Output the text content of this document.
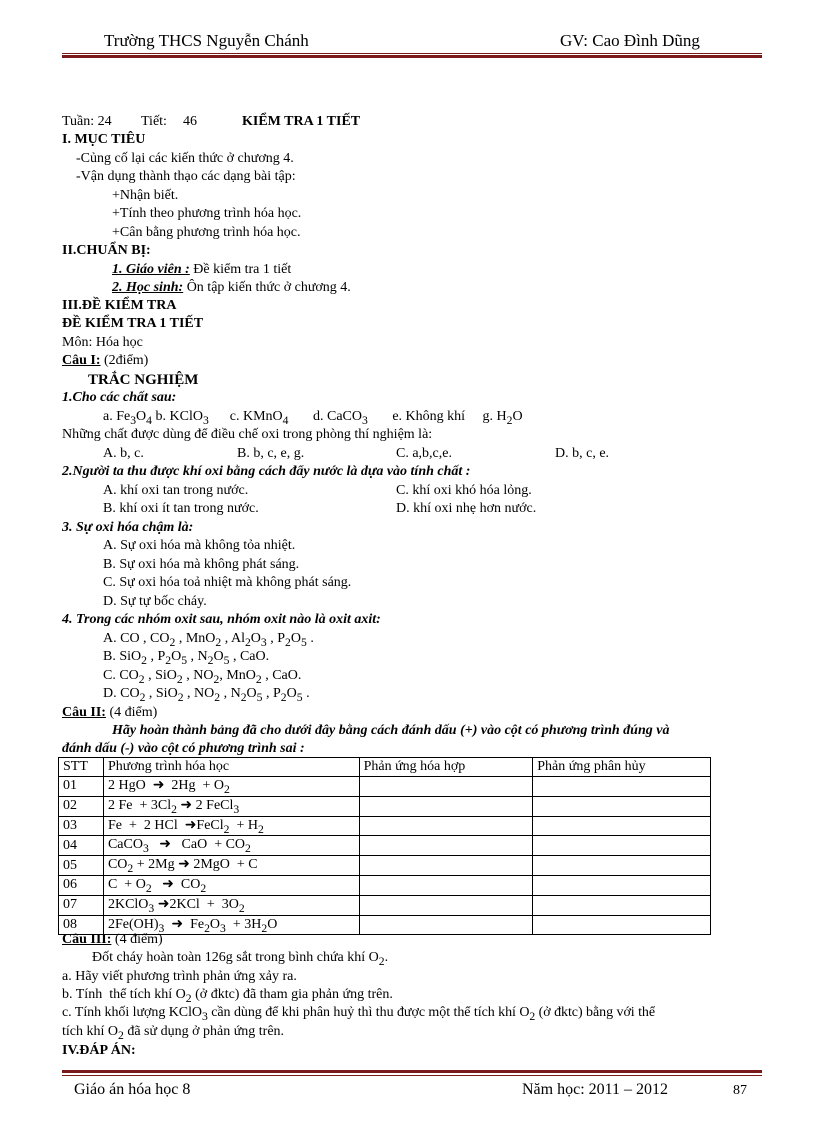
Trường THCS Nguyễn Chánh	GV: Cao Đình Dũng
Tuần: 24 Tiết: 46	KIỂM TRA 1 TIẾT
I. MỤC TIÊU
-Củng cố lại các kiến thức ở chương 4.
-Vận dụng thành thạo các dạng bài tập:
+Nhận biết.
+Tính theo phương trình hóa học.
+Cân bằng phương trình hóa học.
II.CHUẨN BỊ:
1. Giáo viên : Đề kiểm tra 1 tiết
2. Học sinh: Ôn tập kiến thức ở chương 4.
III.ĐỀ KIỂM TRA
ĐỀ KIỂM TRA 1 TIẾT
Môn: Hóa học
Câu I: (2điểm)
TRẮC NGHIỆM
1.Cho các chất sau:
a. $Fe_3O_4$ b. KClO$_3$      c. KMnO$_4$       d. CaCO$_3$       e. Không khí     g. $H_2O$
Những chất được dùng để điều chế oxi trong phòng thí nghiệm là:
A. b, c.	B. b, c, e, g.	C. a,b,c,e.	D. b, c, e.
2.Người ta thu được khí oxi bằng cách đẩy nước là dựa vào tính chất :
A. khí oxi tan trong nước.	C. khí oxi khó hóa lỏng.
B. khí oxi ít tan trong nước.	D. khí oxi nhẹ hơn nước.
3. Sự oxi hóa chậm là:
A. Sự oxi hóa mà không tỏa nhiệt.
B. Sự oxi hóa mà không phát sáng.
C. Sự oxi hóa toả nhiệt mà không phát sáng.
D. Sự tự bốc cháy.
4. Trong các nhóm oxit sau, nhóm oxit nào là oxit axit:
A. CO , $CO_2$ , MnO$_2$ , $Al_2O_3$ , $P_2O_5$ .
B. SiO$_2$ , $P_2O_5$ , $N_2O_5$ , CaO.
C. $CO_2$ , SiO$_2$ , $NO_2$, MnO$_2$ , CaO.
D. $CO_2$ , SiO$_2$ , $NO_2$ , $N_2O_5$ , $P_2O_5$ .
Câu II: (4 điểm)
Hãy hoàn thành bảng đã cho dưới đây bằng cách đánh dấu (+) vào cột có phương trình đúng và
đánh dấu (-) vào cột có phương trình sai :
STT	Phương trình hóa học	Phản ứng hóa hợp	Phản ứng phân hủy
01	2 HgO  ➜  $2Hg + O_2$		
02	2 $Fe + 3Cl_2$ ➜ 2 FeCl$_3$		
03	Fe  +  2 HCl  ➜FeCl$_2$  + $H_2$		
04	CaCO$_3$   ➜   CaO  + $CO_2$		
05	$CO_2 + 2Mg$ ➜ 2MgO  + C		
06	$C + O_2$   ➜  $CO_2$		
07	2KClO$_3$ ➜2KCl  +  $3O_2$		
08	$2Fe(OH)_3$  ➜  $Fe_2O_3 + 3H_2O$		
Câu III: (4 điểm)
Đốt cháy hoàn toàn 126g sắt trong bình chứa khí $O_2$.
a. Hãy viết phương trình phản ứng xảy ra.
b. Tính  thể tích khí $O_2$ (ở đktc) đã tham gia phản ứng trên.
c. Tính khối lượng KClO$_3$ cần dùng để khi phân huỷ thì thu được một thể tích khí $O_2$ (ở đktc) bằng với thể
tích khí $O_2$ đã sử dụng ở phản ứng trên.
IV.ĐÁP ÁN:
Giáo án hóa học 8	Năm học: 2011 – 2012	87
